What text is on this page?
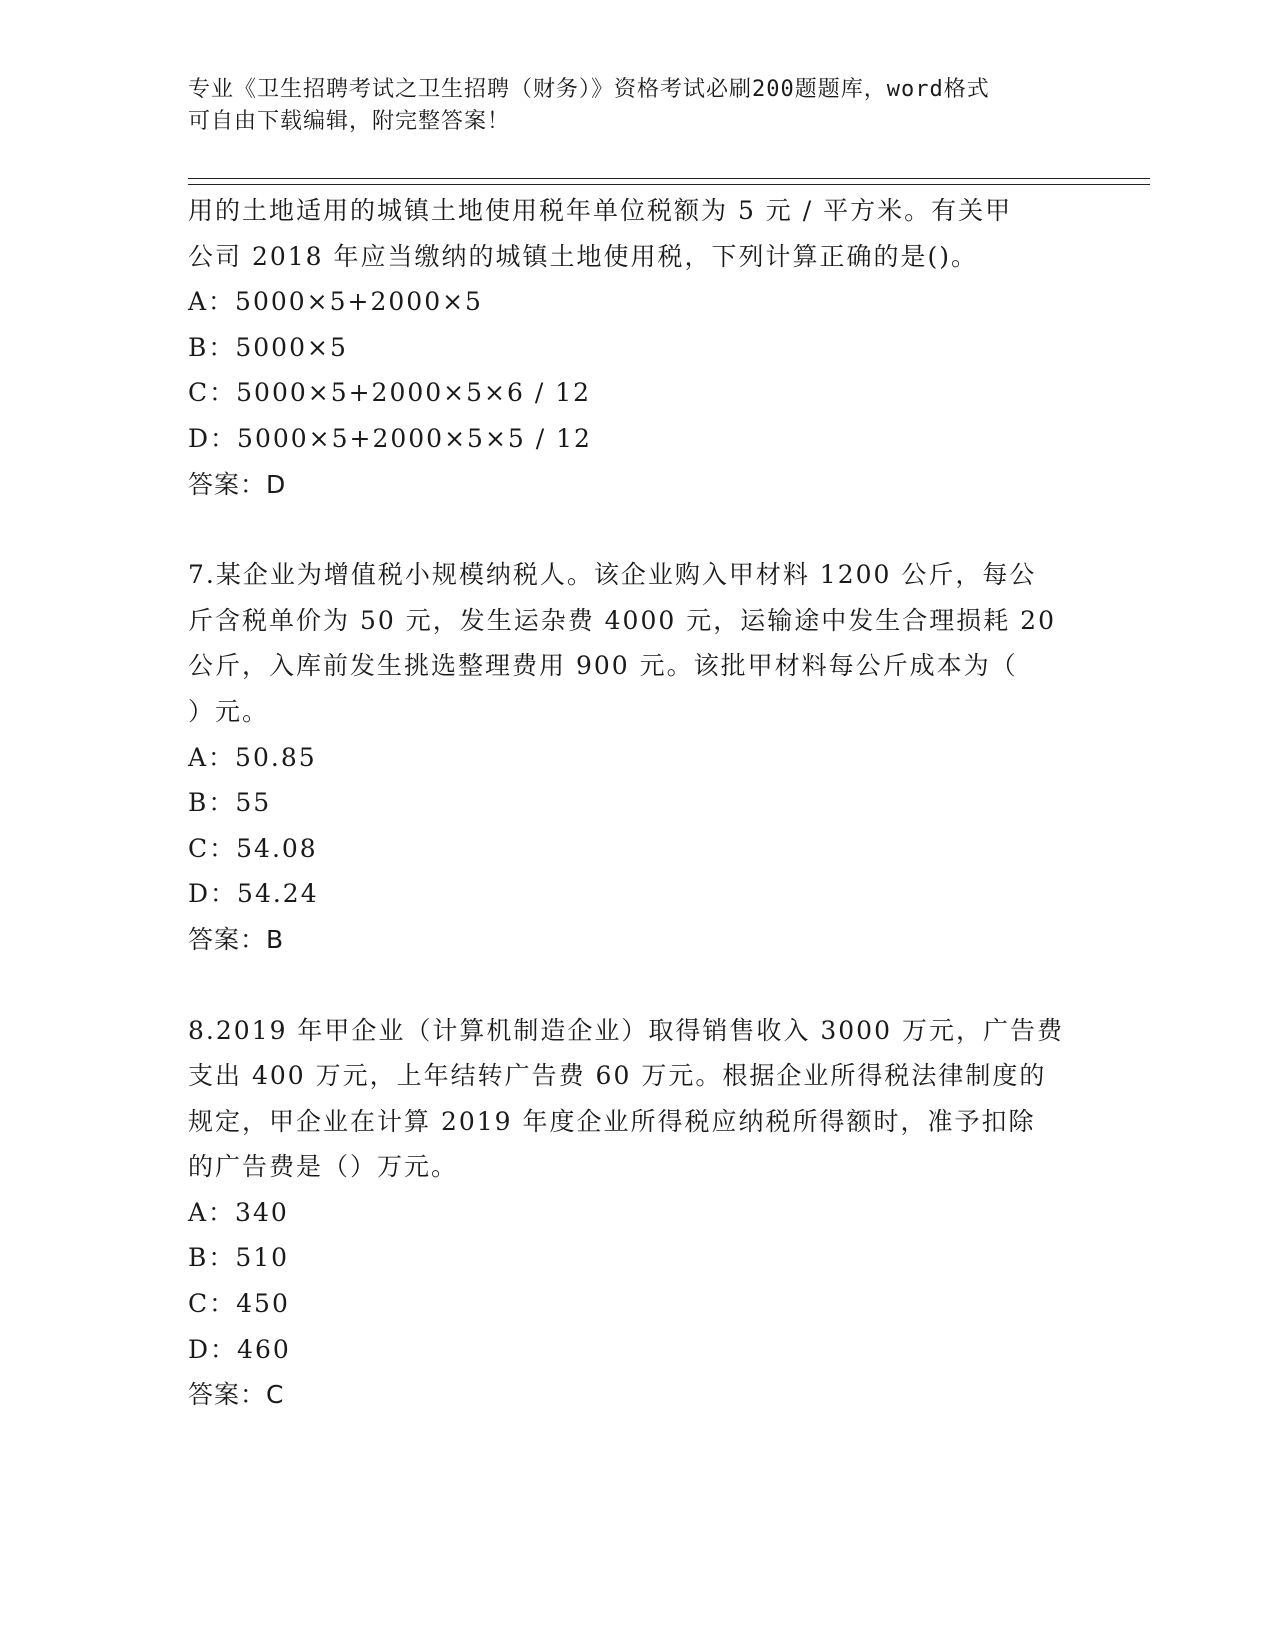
专业《卫生招聘考试之卫生招聘（财务）》资格考试必刷200题题库，word格式
可自由下载编辑，附完整答案！
用的土地适用的城镇土地使用税年单位税额为 5 元 / 平方米。有关甲
公司 2018 年应当缴纳的城镇土地使用税，下列计算正确的是()。
A：5000×5+2000×5
B：5000×5
C：5000×5+2000×5×6 / 12
D：5000×5+2000×5×5 / 12
答案：D
7.某企业为增值税小规模纳税人。该企业购入甲材料 1200 公斤，每公
斤含税单价为 50 元，发生运杂费 4000 元，运输途中发生合理损耗 20
公斤，入库前发生挑选整理费用 900 元。该批甲材料每公斤成本为（
）元。
A：50.85
B：55
C：54.08
D：54.24
答案：B
8.2019 年甲企业（计算机制造企业）取得销售收入 3000 万元，广告费
支出 400 万元，上年结转广告费 60 万元。根据企业所得税法律制度的
规定，甲企业在计算 2019 年度企业所得税应纳税所得额时，准予扣除
的广告费是（）万元。
A：340
B：510
C：450
D：460
答案：C
